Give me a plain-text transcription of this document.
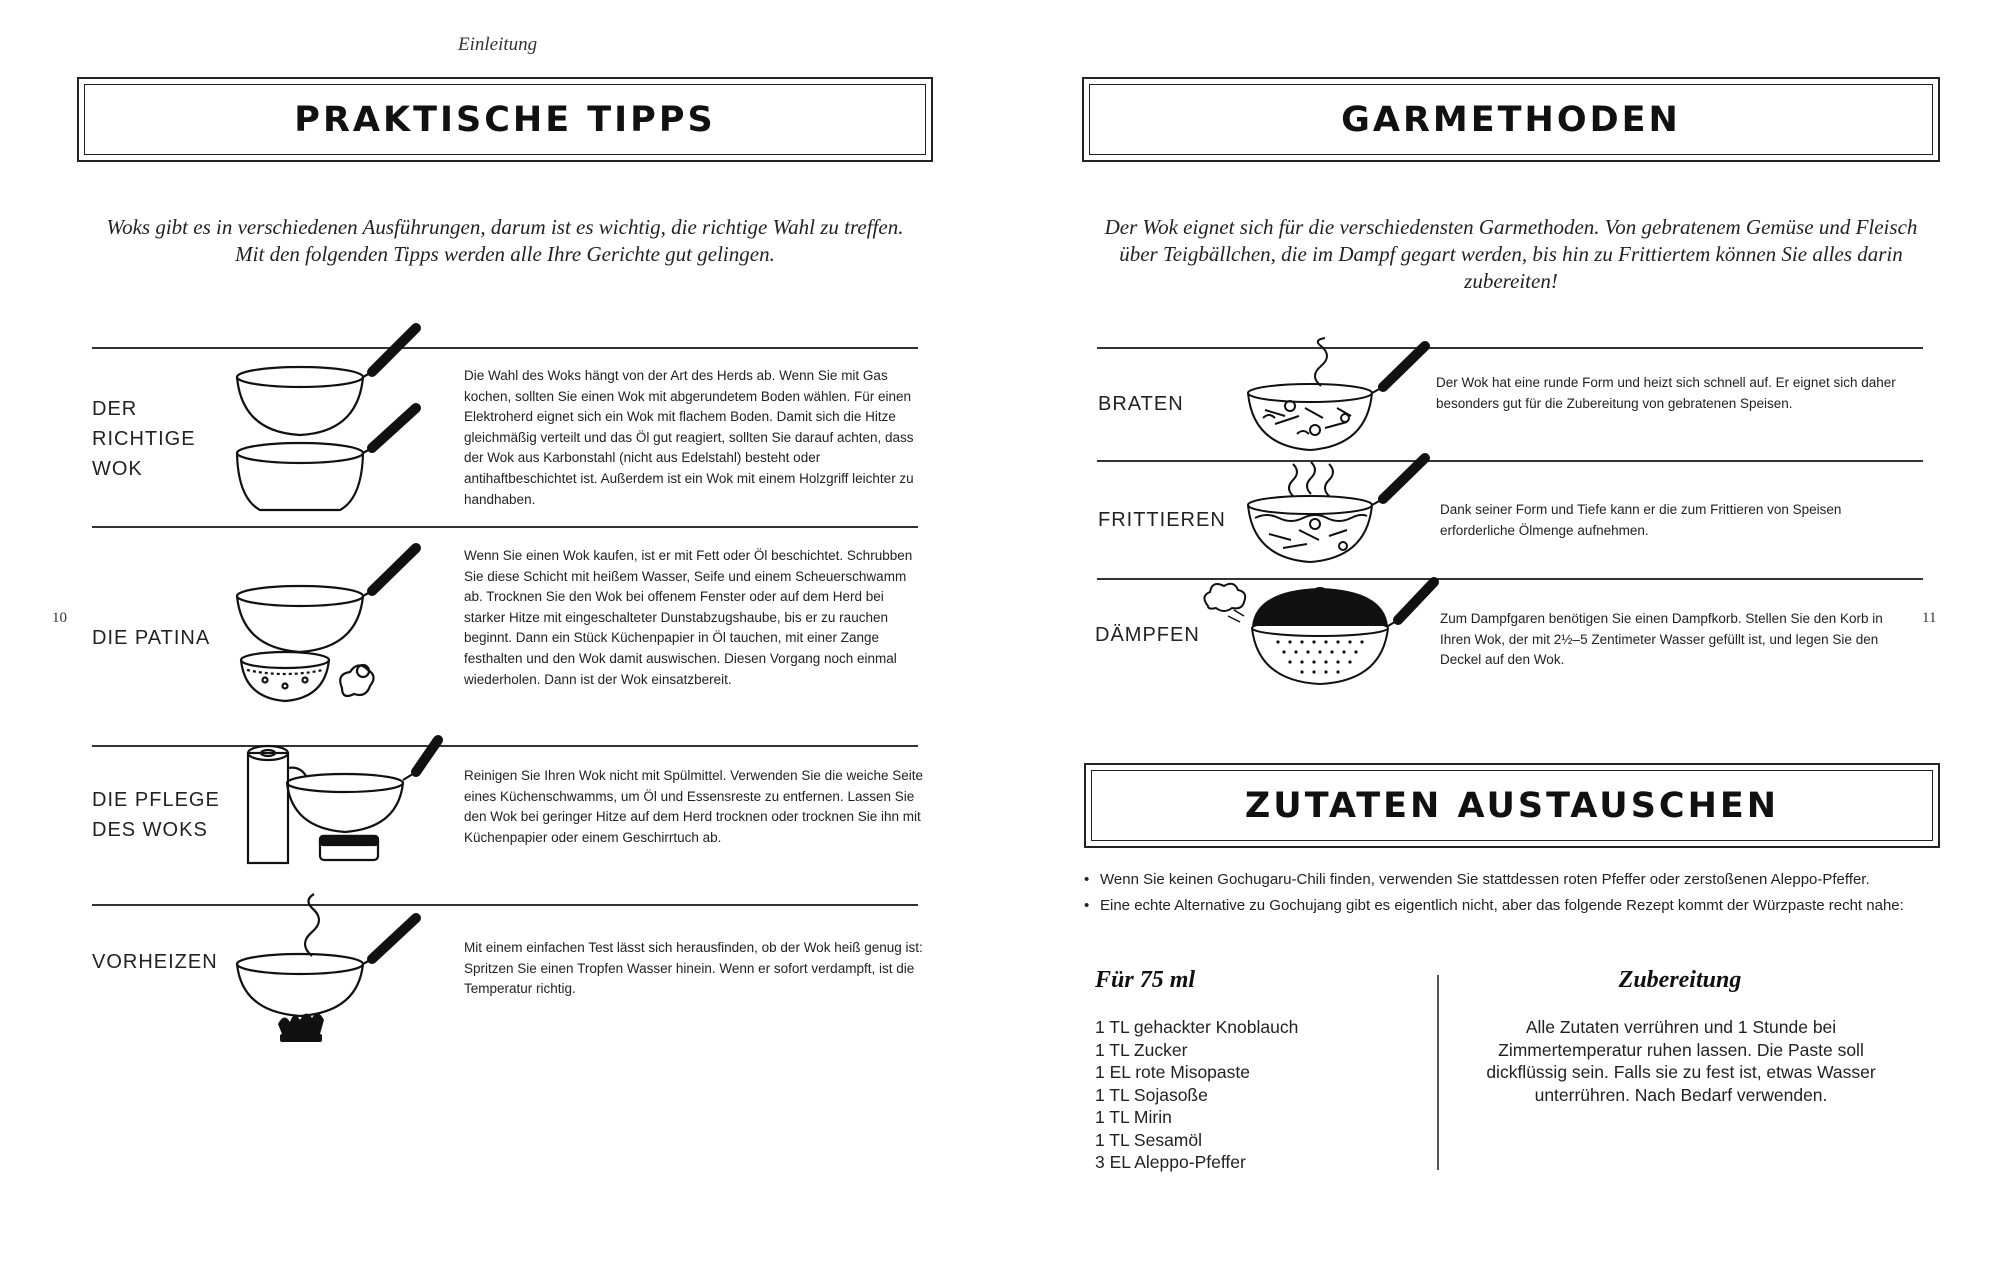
Einleitung
10
PRAKTISCHE TIPPS
Woks gibt es in verschiedenen Ausführungen, darum ist es wichtig, die richtige Wahl zu treffen. Mit den folgenden Tipps werden alle Ihre Gerichte gut gelingen.
DER
RICHTIGE
WOK
Die Wahl des Woks hängt von der Art des Herds ab. Wenn Sie mit Gas kochen, sollten Sie einen Wok mit abgerundetem Boden wählen. Für einen Elektroherd eignet sich ein Wok mit flachem Boden. Damit sich die Hitze gleichmäßig verteilt und das Öl gut reagiert, sollten Sie darauf achten, dass der Wok aus Karbonstahl (nicht aus Edelstahl) besteht oder antihaftbeschichtet ist. Außerdem ist ein Wok mit einem Holzgriff leichter zu handhaben.
DIE PATINA
Wenn Sie einen Wok kaufen, ist er mit Fett oder Öl beschichtet. Schrubben Sie diese Schicht mit heißem Wasser, Seife und einem Scheuerschwamm ab. Trocknen Sie den Wok bei offenem Fenster oder auf dem Herd bei starker Hitze mit eingeschalteter Dunstabzugshaube, bis er zu rauchen beginnt. Dann ein Stück Küchenpapier in Öl tauchen, mit einer Zange festhalten und den Wok damit auswischen. Diesen Vorgang noch einmal wiederholen. Dann ist der Wok einsatzbereit.
DIE PFLEGE
DES WOKS
Reinigen Sie Ihren Wok nicht mit Spülmittel. Verwenden Sie die weiche Seite eines Küchenschwamms, um Öl und Essensreste zu entfernen. Lassen Sie den Wok bei geringer Hitze auf dem Herd trocknen oder trocknen Sie ihn mit Küchenpapier oder einem Geschirrtuch ab.
VORHEIZEN
Mit einem einfachen Test lässt sich herausfinden, ob der Wok heiß genug ist: Spritzen Sie einen Tropfen Wasser hinein. Wenn er sofort verdampft, ist die Temperatur richtig.
11
GARMETHODEN
Der Wok eignet sich für die verschiedensten Garmethoden. Von gebratenem Gemüse und Fleisch über Teigbällchen, die im Dampf gegart werden, bis hin zu Frittiertem können Sie alles darin zubereiten!
BRATEN
Der Wok hat eine runde Form und heizt sich schnell auf. Er eignet sich daher besonders gut für die Zubereitung von gebratenen Speisen.
FRITTIEREN	Dank seiner Form und Tiefe kann er die zum Frittieren von Speisen erforderliche Ölmenge aufnehmen.
DÄMPFEN
Zum Dampfgaren benötigen Sie einen Dampfkorb. Stellen Sie den Korb in Ihren Wok, der mit 2½–5 Zentimeter Wasser gefüllt ist, und legen Sie den Deckel auf den Wok.
ZUTATEN AUSTAUSCHEN
• Wenn Sie keinen Gochugaru-Chili finden, verwenden Sie stattdessen roten Pfeffer oder zerstoßenen Aleppo-Pfeffer.
• Eine echte Alternative zu Gochujang gibt es eigentlich nicht, aber das folgende Rezept kommt der Würzpaste recht nahe:
Für 75 ml
1 TL gehackter Knoblauch
1 TL Zucker
1 EL rote Misopaste
1 TL Sojasoße
1 TL Mirin
1 TL Sesamöl
3 EL Aleppo-Pfeffer
Zubereitung
Alle Zutaten verrühren und 1 Stunde bei Zimmertemperatur ruhen lassen. Die Paste soll dickflüssig sein. Falls sie zu fest ist, etwas Wasser unterrühren. Nach Bedarf verwenden.
